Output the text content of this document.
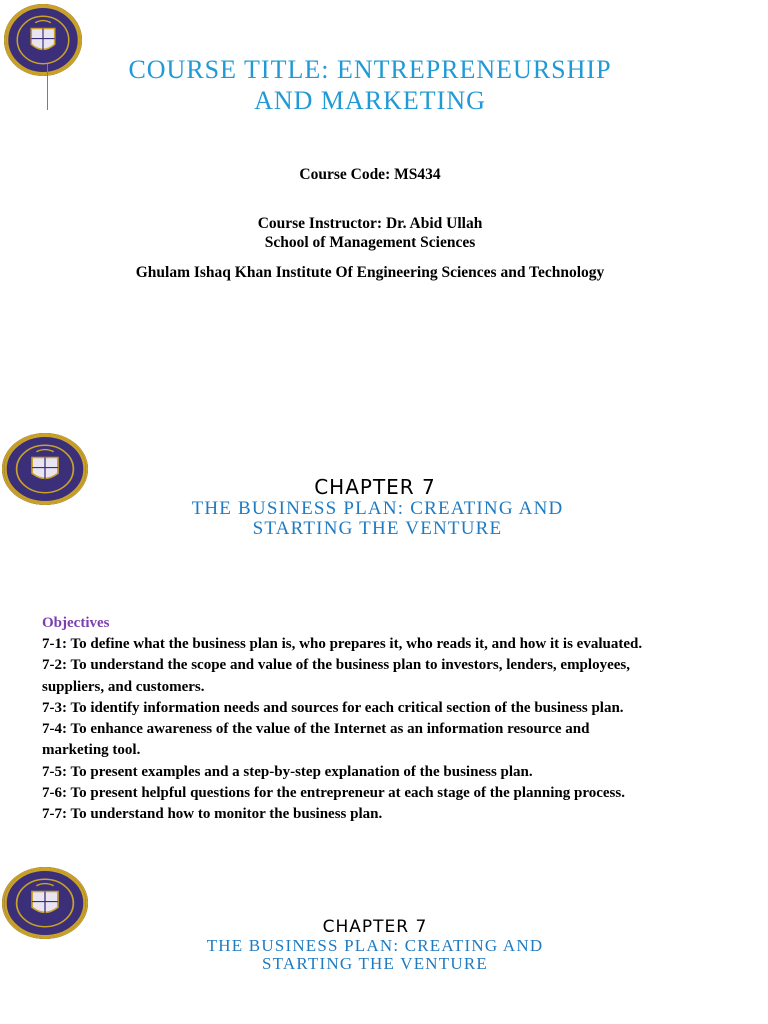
COURSE TITLE: ENTREPRENEURSHIP
AND MARKETING
Course Code: MS434
Course Instructor: Dr. Abid Ullah
School of Management Sciences
Ghulam Ishaq Khan Institute Of Engineering Sciences and Technology
CHAPTER 7
THE BUSINESS PLAN: CREATING AND
STARTING THE VENTURE
Objectives
7-1: To define what the business plan is, who prepares it, who reads it, and how it is evaluated.
7-2: To understand the scope and value of the business plan to investors, lenders, employees,
suppliers, and customers.
7-3: To identify information needs and sources for each critical section of the business plan.
7-4: To enhance awareness of the value of the Internet as an information resource and
marketing tool.
7-5: To present examples and a step-by-step explanation of the business plan.
7-6: To present helpful questions for the entrepreneur at each stage of the planning process.
7-7: To understand how to monitor the business plan.
CHAPTER 7
THE BUSINESS PLAN: CREATING AND
STARTING THE VENTURE
